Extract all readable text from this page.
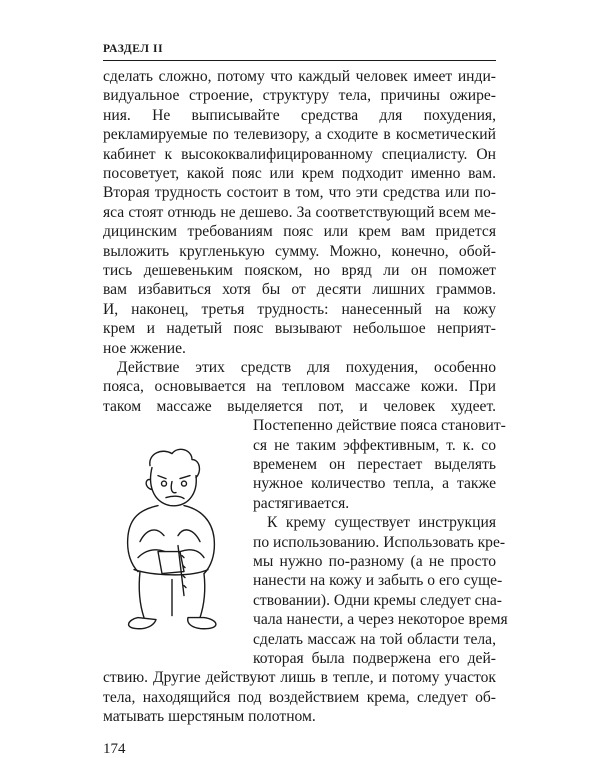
РАЗДЕЛ II
сделать сложно, потому что каждый человек имеет инди-
видуальное строение, структуру тела, причины ожире-
ния. Не выписывайте средства для похудения,
рекламируемые по телевизору, а сходите в косметический
кабинет к высококвалифицированному специалисту. Он
посоветует, какой пояс или крем подходит именно вам.
Вторая трудность состоит в том, что эти средства или по-
яса стоят отнюдь не дешево. За соответствующий всем ме-
дицинским требованиям пояс или крем вам придется
выложить кругленькую сумму. Можно, конечно, обой-
тись дешевеньким пояском, но вряд ли он поможет
вам избавиться хотя бы от десяти лишних граммов.
И, наконец, третья трудность: нанесенный на кожу
крем и надетый пояс вызывают небольшое неприят-
ное жжение.
Действие этих средств для похудения, особенно
пояса, основывается на тепловом массаже кожи. При
таком массаже выделяется пот, и человек худеет.
Постепенно действие пояса становит-
ся не таким эффективным, т. к. со
временем он перестает выделять
нужное количество тепла, а также
растягивается.
К крему существует инструкция
по использованию. Использовать кре-
мы нужно по-разному (а не просто
нанести на кожу и забыть о его суще-
ствовании). Одни кремы следует сна-
чала нанести, а через некоторое время
сделать массаж на той области тела,
которая была подвержена его дей-
ствию. Другие действуют лишь в тепле, и потому участок
тела, находящийся под воздействием крема, следует об-
матывать шерстяным полотном.
174
